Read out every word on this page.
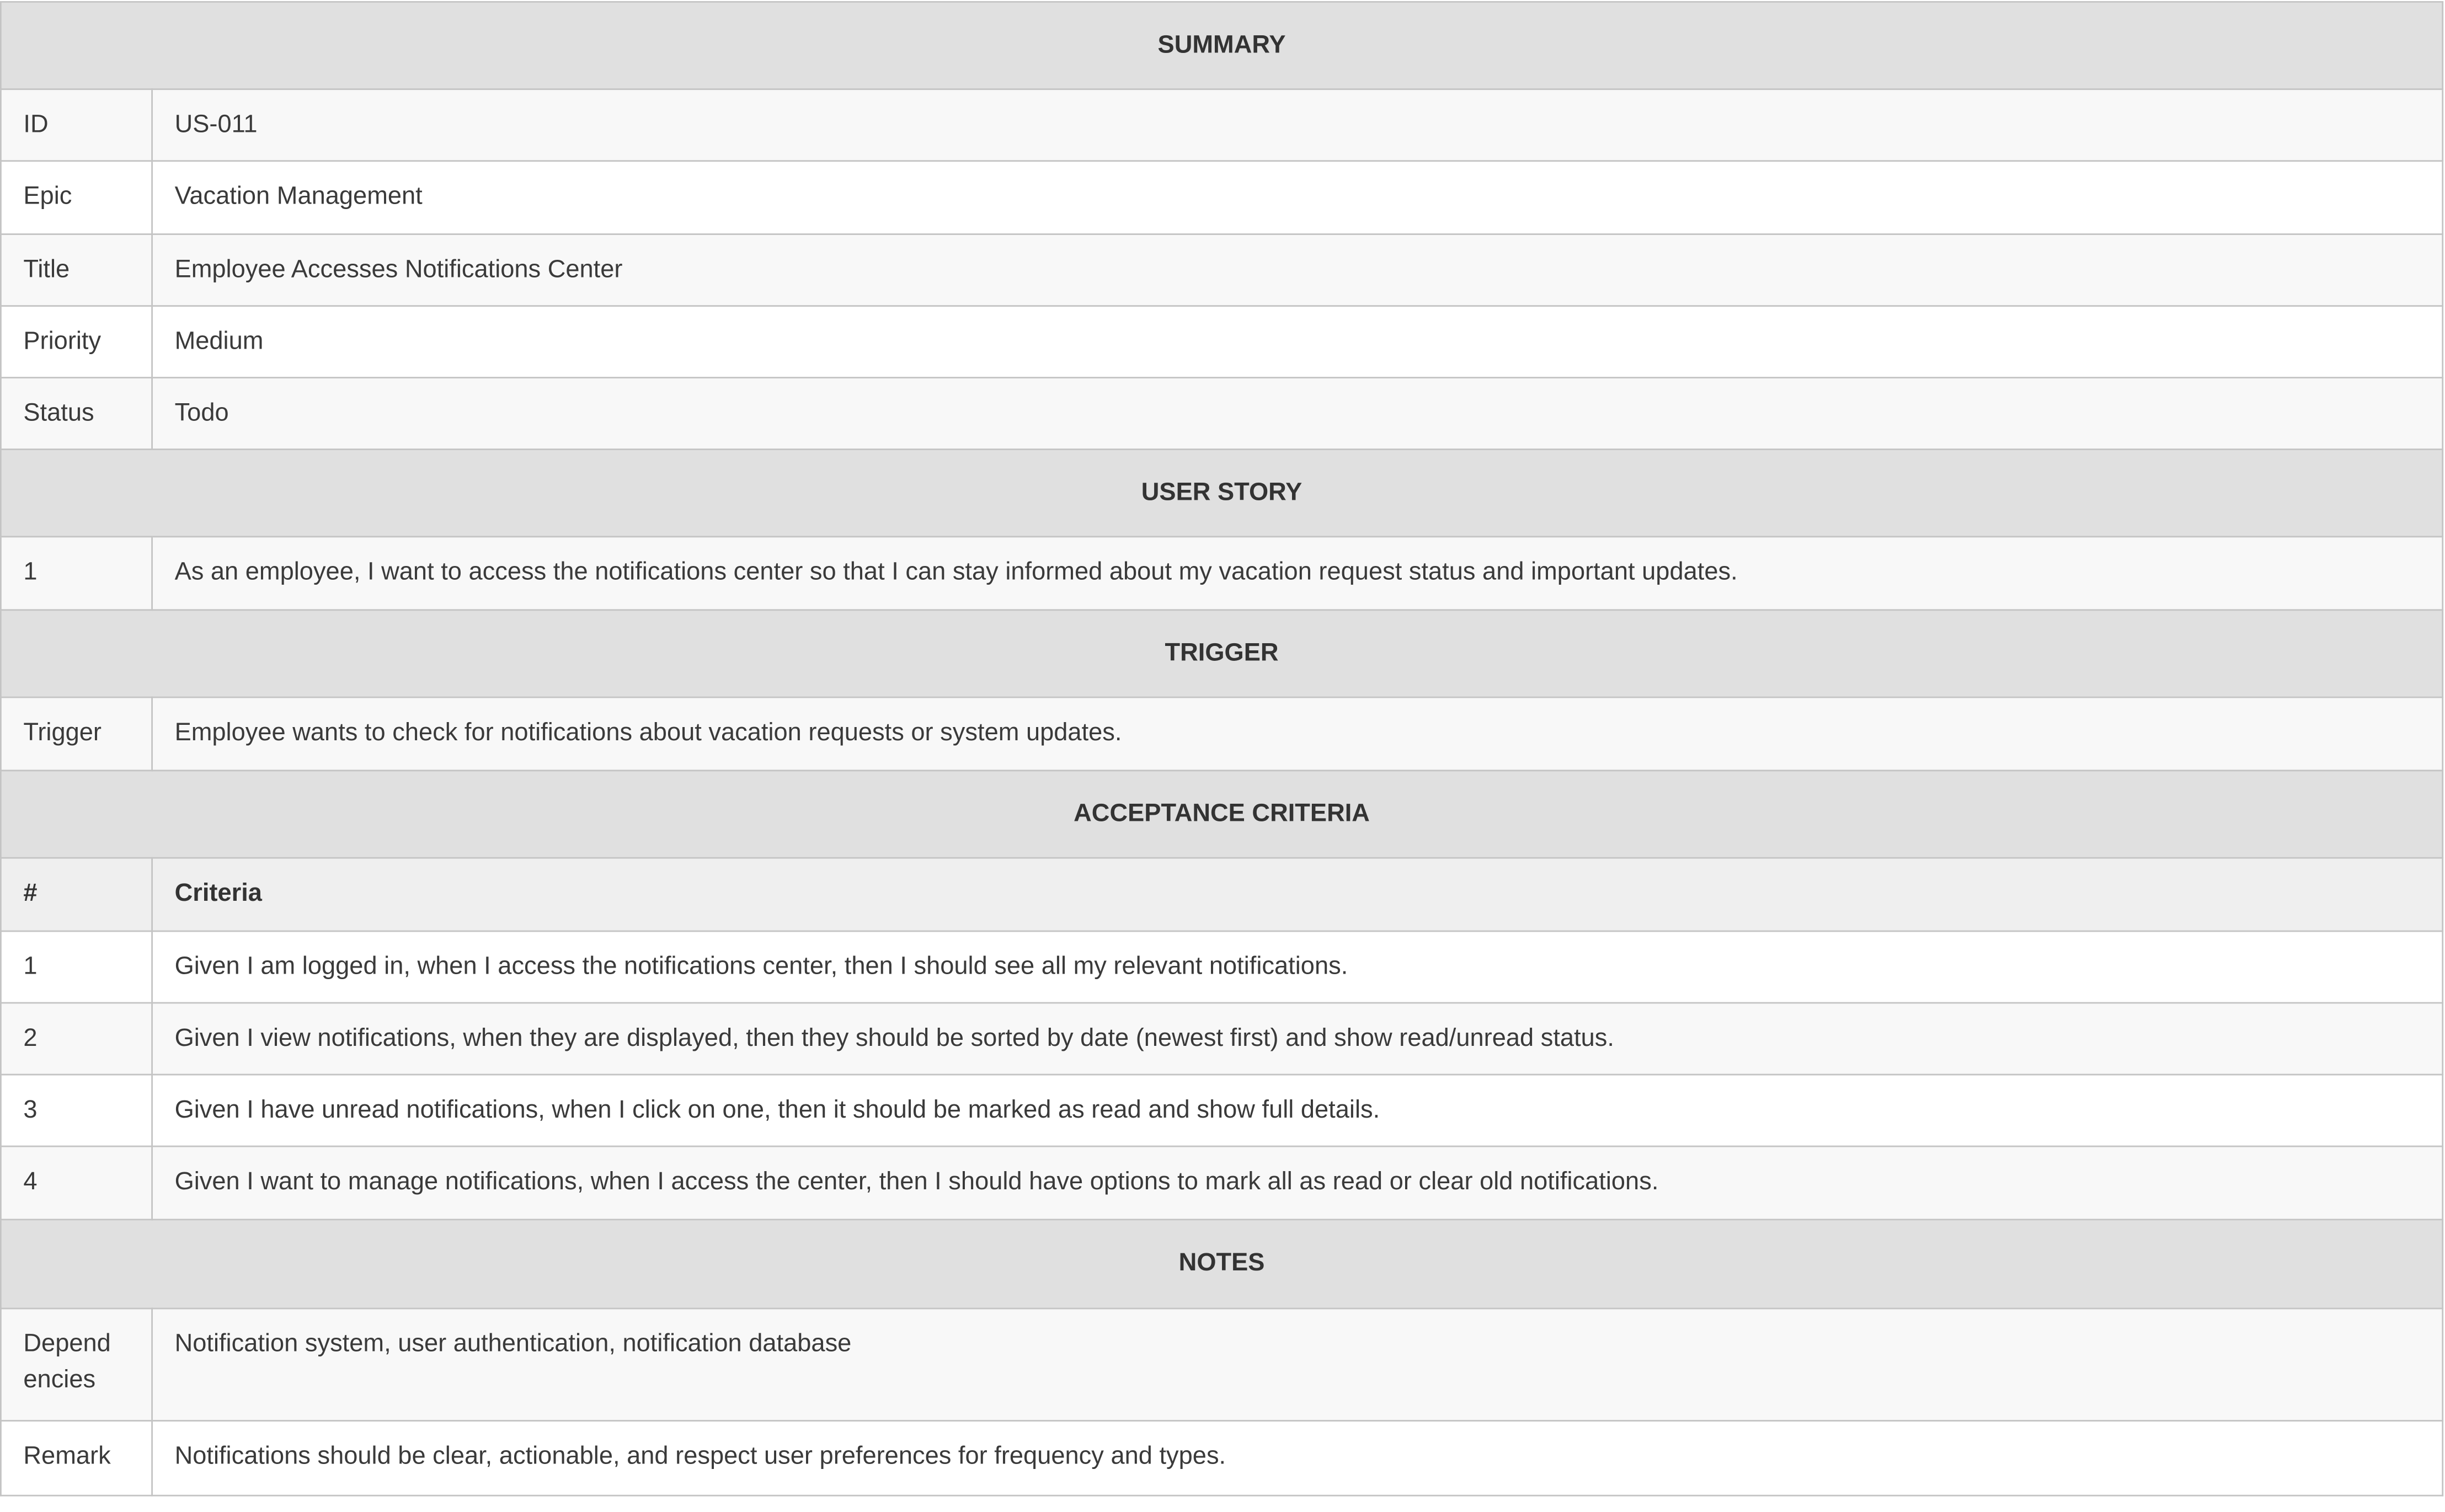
SUMMARY	
ID	US-011
Epic	Vacation Management
Title	Employee Accesses Notifications Center
Priority	Medium
Status	Todo
USER STORY	
1	As an employee, I want to access the notifications center so that I can stay informed about my vacation request status and important updates.
TRIGGER	
Trigger	Employee wants to check for notifications about vacation requests or system updates.
ACCEPTANCE CRITERIA	
#	Criteria
1	Given I am logged in, when I access the notifications center, then I should see all my relevant notifications.
2	Given I view notifications, when they are displayed, then they should be sorted by date (newest first) and show read/unread status.
3	Given I have unread notifications, when I click on one, then it should be marked as read and show full details.
4	Given I want to manage notifications, when I access the center, then I should have options to mark all as read or clear old notifications.
NOTES	
Dependencies	Notification system, user authentication, notification database
Remark	Notifications should be clear, actionable, and respect user preferences for frequency and types.
